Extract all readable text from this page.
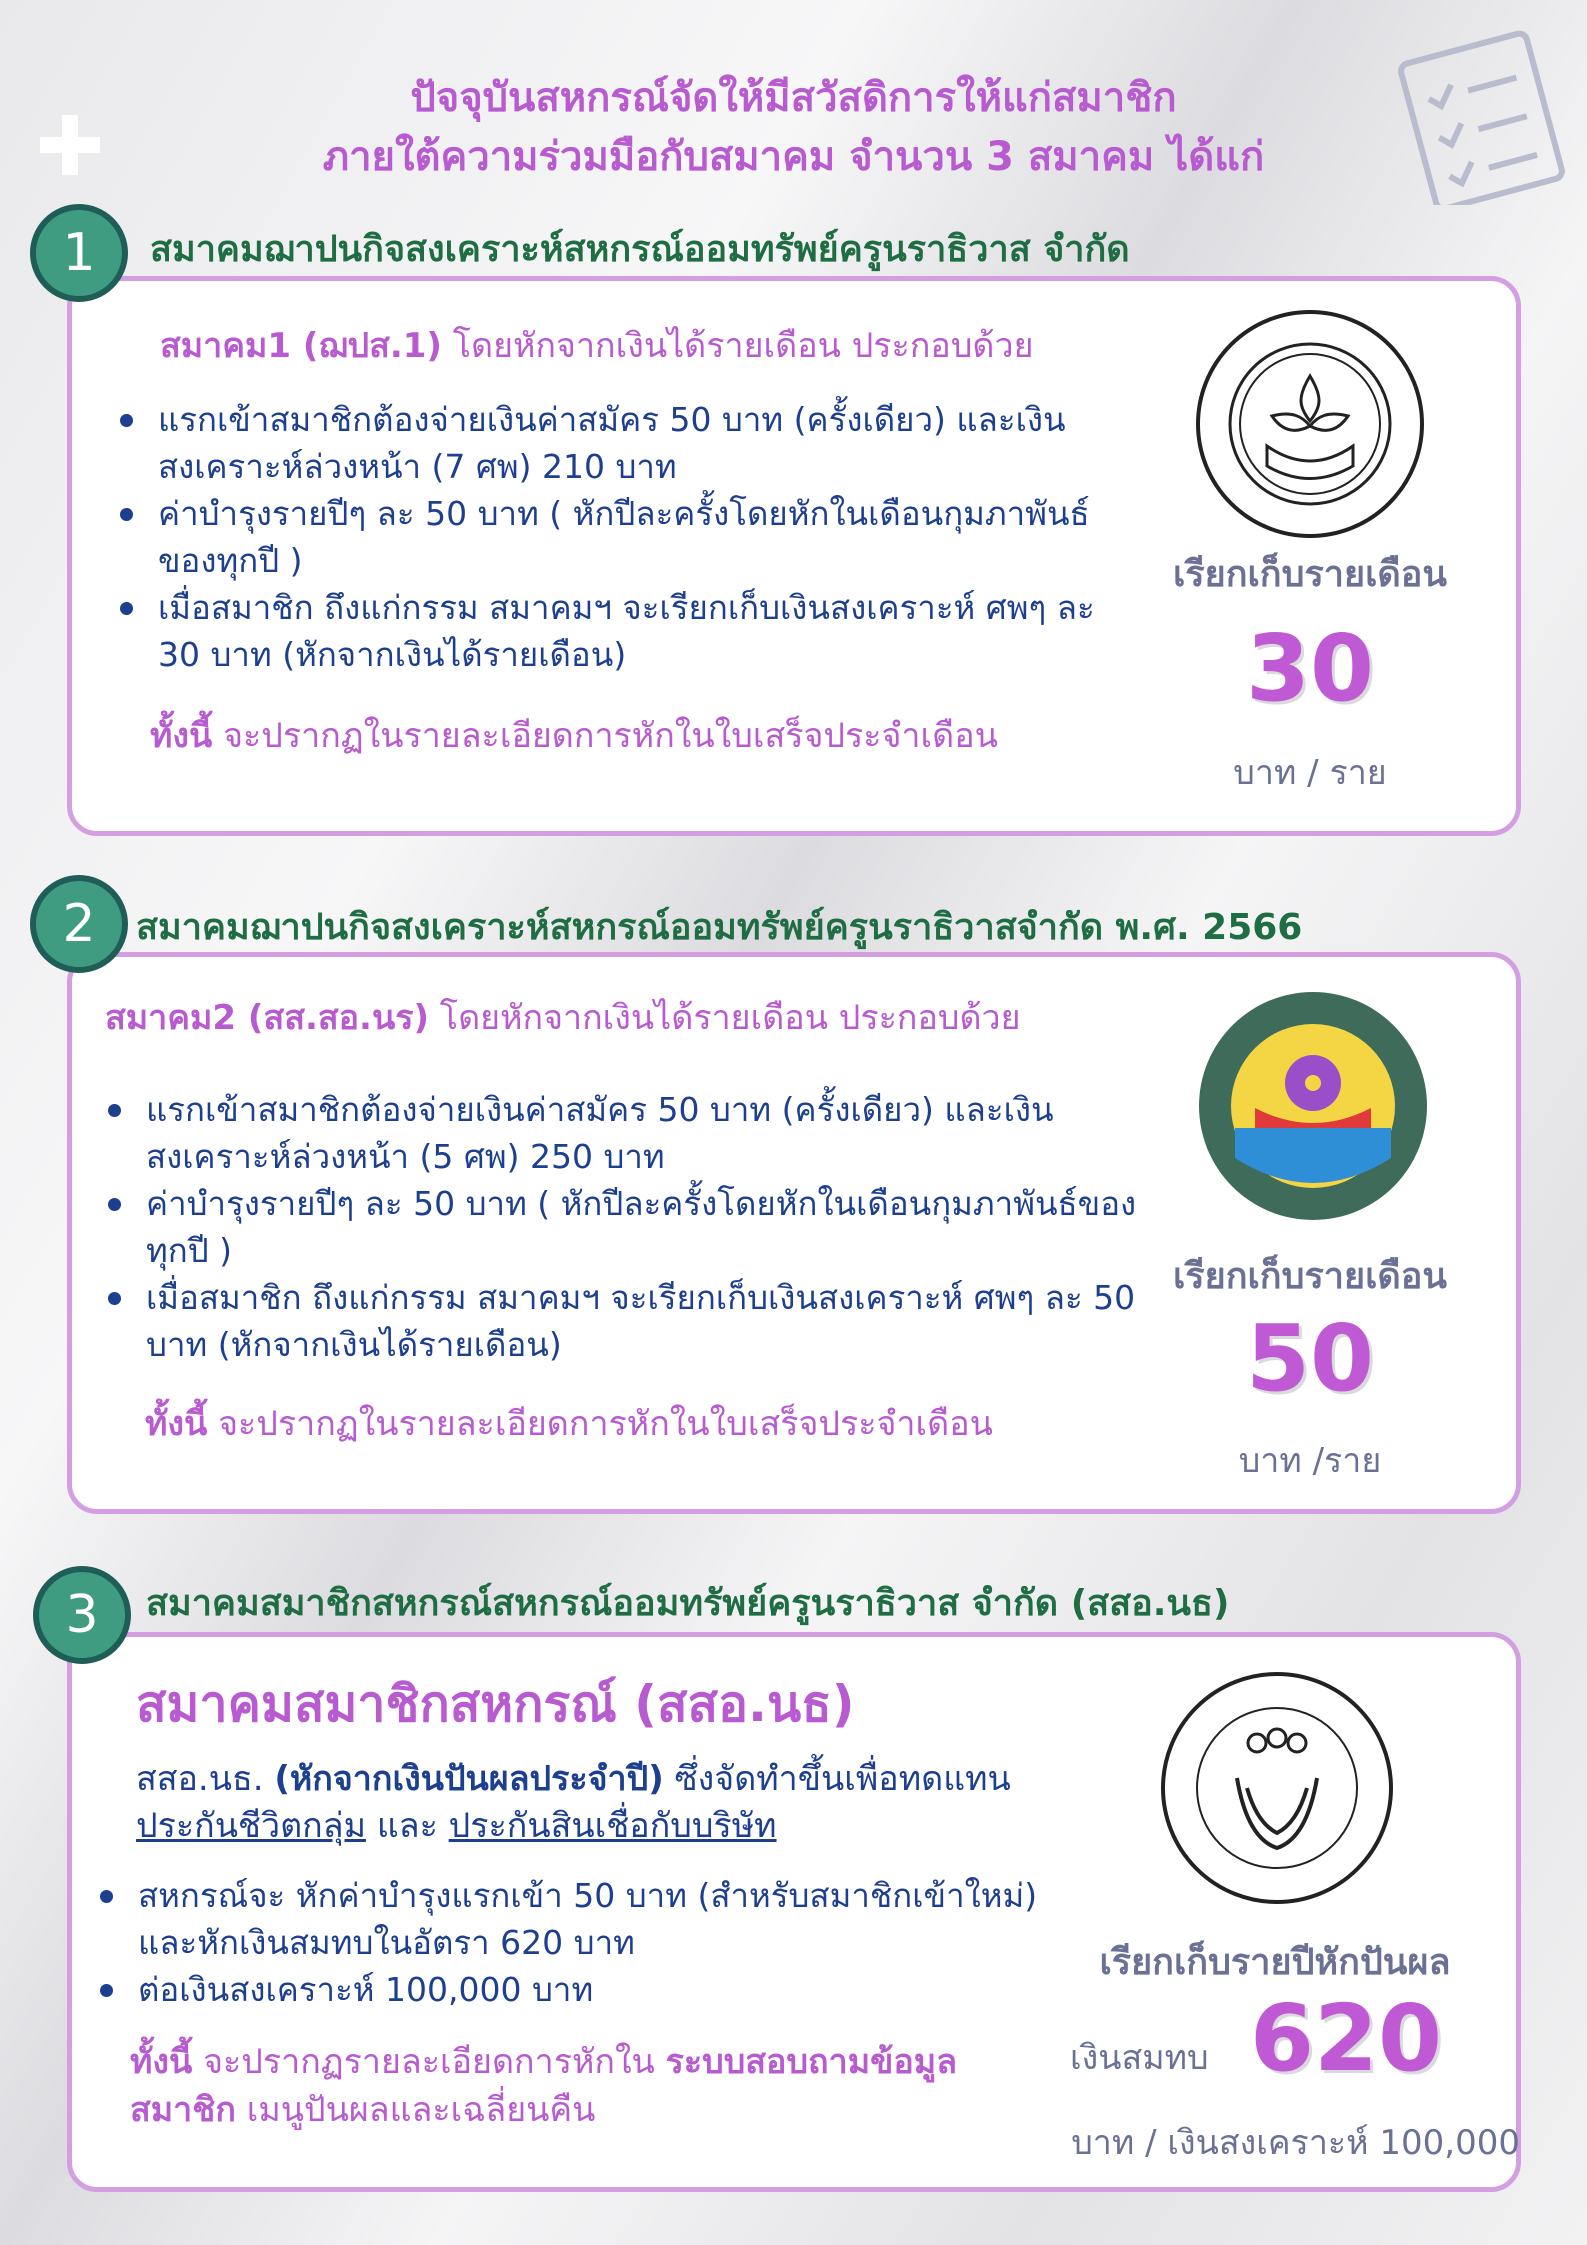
ปัจจุบันสหกรณ์จัดให้มีสวัสดิการให้แก่สมาชิก
ภายใต้ความร่วมมือกับสมาคม จำนวน 3 สมาคม ได้แก่
1	สมาคมฌาปนกิจสงเคราะห์สหกรณ์ออมทรัพย์ครูนราธิวาส จำกัด
สมาคม1 (ฌปส.1) โดยหักจากเงินได้รายเดือน ประกอบด้วย
แรกเข้าสมาชิกต้องจ่ายเงินค่าสมัคร 50 บาท (ครั้งเดียว) และเงินสงเคราะห์ล่วงหน้า (7 ศพ) 210 บาท
ค่าบำรุงรายปีๆ ละ 50 บาท ( หักปีละครั้งโดยหักในเดือนกุมภาพันธ์ของทุกปี )
เมื่อสมาชิก ถึงแก่กรรม สมาคมฯ จะเรียกเก็บเงินสงเคราะห์ ศพๆ ละ 30 บาท (หักจากเงินได้รายเดือน)
ทั้งนี้ จะปรากฏในรายละเอียดการหักในใบเสร็จประจำเดือน
เรียกเก็บรายเดือน
30
บาท / ราย
2	สมาคมฌาปนกิจสงเคราะห์สหกรณ์ออมทรัพย์ครูนราธิวาสจำกัด พ.ศ. 2566
สมาคม2 (สส.สอ.นร) โดยหักจากเงินได้รายเดือน ประกอบด้วย
แรกเข้าสมาชิกต้องจ่ายเงินค่าสมัคร 50 บาท (ครั้งเดียว) และเงินสงเคราะห์ล่วงหน้า (5 ศพ) 250 บาท
ค่าบำรุงรายปีๆ ละ 50 บาท ( หักปีละครั้งโดยหักในเดือนกุมภาพันธ์ของทุกปี )
เมื่อสมาชิก ถึงแก่กรรม สมาคมฯ จะเรียกเก็บเงินสงเคราะห์ ศพๆ ละ 50 บาท (หักจากเงินได้รายเดือน)
ทั้งนี้ จะปรากฏในรายละเอียดการหักในใบเสร็จประจำเดือน
เรียกเก็บรายเดือน
50
บาท /ราย
3	สมาคมสมาชิกสหกรณ์สหกรณ์ออมทรัพย์ครูนราธิวาส จำกัด (สสอ.นธ)
สมาคมสมาชิกสหกรณ์ (สสอ.นธ)
สสอ.นธ. (หักจากเงินปันผลประจำปี) ซึ่งจัดทำขึ้นเพื่อทดแทน
ประกันชีวิตกลุ่ม และ ประกันสินเชื่อกับบริษัท
สหกรณ์จะ หักค่าบำรุงแรกเข้า 50 บาท (สำหรับสมาชิกเข้าใหม่) และหักเงินสมทบในอัตรา 620 บาท
ต่อเงินสงเคราะห์ 100,000 บาท
ทั้งนี้ จะปรากฏรายละเอียดการหักใน ระบบสอบถามข้อมูลสมาชิก เมนูปันผลและเฉลี่ยนคืน
เรียกเก็บรายปีหักปันผล
เงินสมทบ 620
บาท / เงินสงเคราะห์ 100,000
